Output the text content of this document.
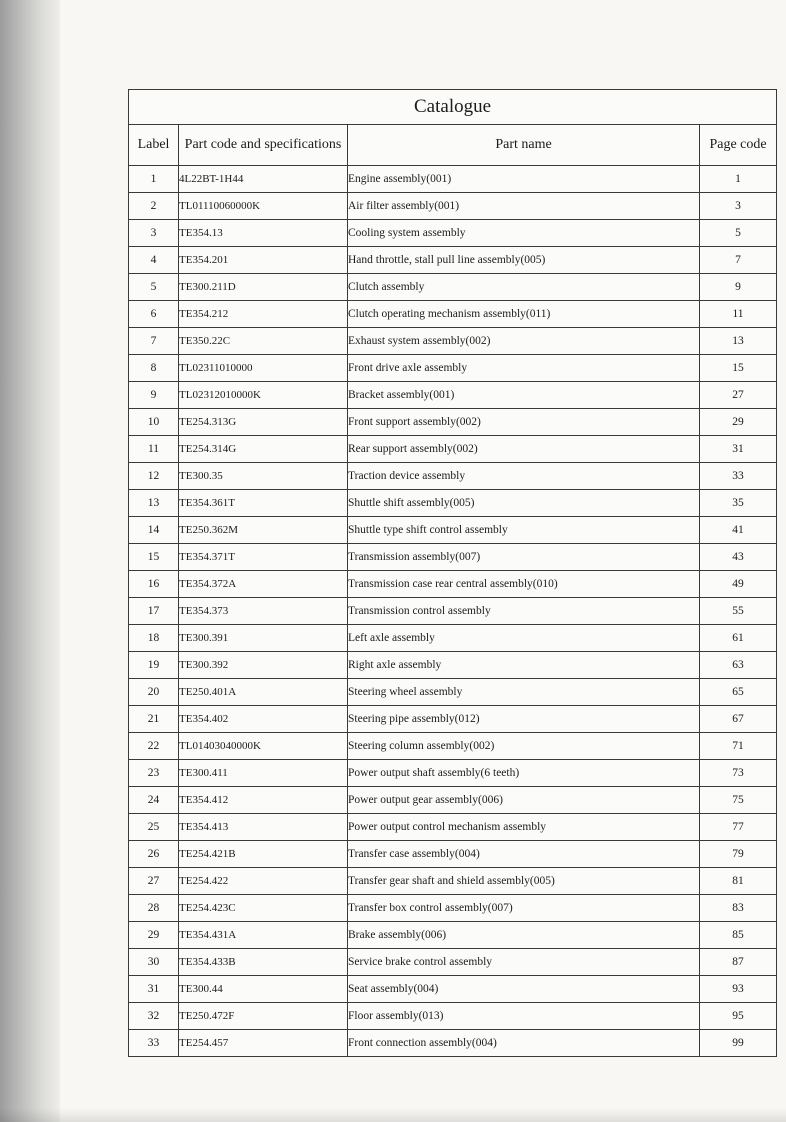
Catalogue			
Label	Part code and specifications	Part name	Page code
1	4L22BT-1H44	Engine assembly(001)	1
2	TL01110060000K	Air filter assembly(001)	3
3	TE354.13	Cooling system assembly	5
4	TE354.201	Hand throttle, stall pull line assembly(005)	7
5	TE300.211D	Clutch assembly	9
6	TE354.212	Clutch operating mechanism assembly(011)	11
7	TE350.22C	Exhaust system assembly(002)	13
8	TL02311010000	Front drive axle assembly	15
9	TL02312010000K	Bracket assembly(001)	27
10	TE254.313G	Front support assembly(002)	29
11	TE254.314G	Rear support assembly(002)	31
12	TE300.35	Traction device assembly	33
13	TE354.361T	Shuttle shift assembly(005)	35
14	TE250.362M	Shuttle type shift control assembly	41
15	TE354.371T	Transmission assembly(007)	43
16	TE354.372A	Transmission case rear central assembly(010)	49
17	TE354.373	Transmission control assembly	55
18	TE300.391	Left axle assembly	61
19	TE300.392	Right axle assembly	63
20	TE250.401A	Steering wheel assembly	65
21	TE354.402	Steering pipe assembly(012)	67
22	TL01403040000K	Steering column assembly(002)	71
23	TE300.411	Power output shaft assembly(6 teeth)	73
24	TE354.412	Power output gear assembly(006)	75
25	TE354.413	Power output control mechanism assembly	77
26	TE254.421B	Transfer case assembly(004)	79
27	TE254.422	Transfer gear shaft and shield assembly(005)	81
28	TE254.423C	Transfer box control assembly(007)	83
29	TE354.431A	Brake assembly(006)	85
30	TE354.433B	Service brake control assembly	87
31	TE300.44	Seat assembly(004)	93
32	TE250.472F	Floor assembly(013)	95
33	TE254.457	Front connection assembly(004)	99
